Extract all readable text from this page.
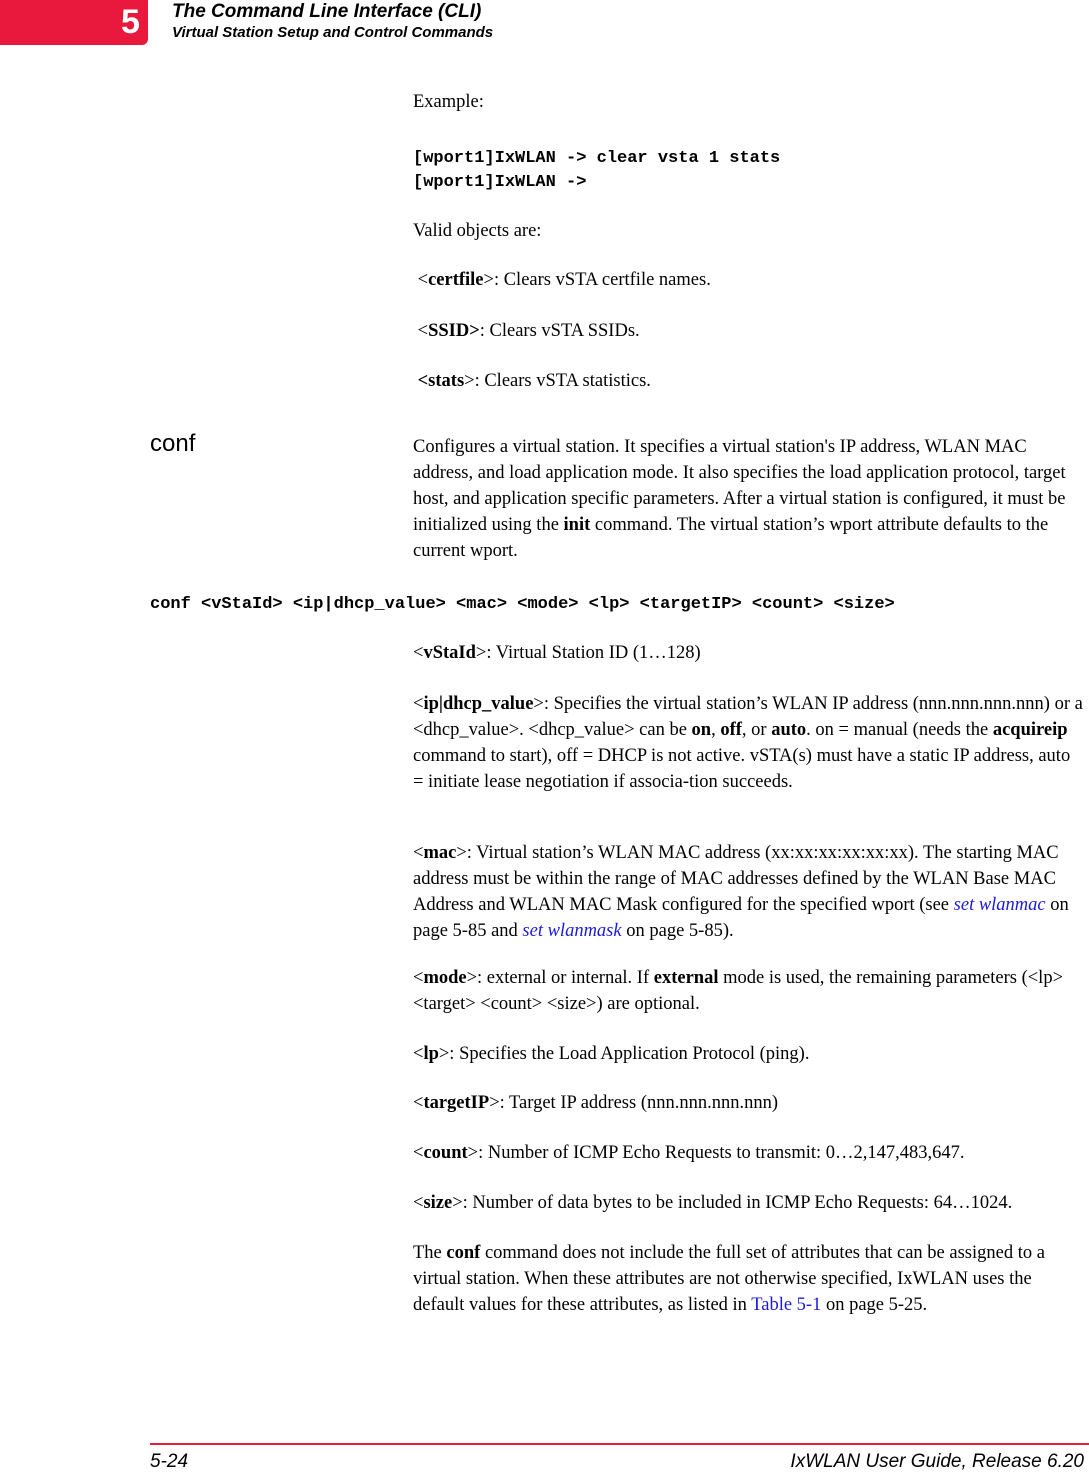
5 The Command Line Interface (CLI)
Virtual Station Setup and Control Commands
Example:
[wport1]IxWLAN -> clear vsta 1 stats
[wport1]IxWLAN ->
Valid objects are:
<certfile>: Clears vSTA certfile names.
<SSID>: Clears vSTA SSIDs.
<stats>: Clears vSTA statistics.
conf	Configures a virtual station. It specifies a virtual station's IP address, WLAN MAC address, and load application mode. It also specifies the load application protocol, target host, and application specific parameters. After a virtual station is configured, it must be initialized using the init command. The virtual station’s wport attribute defaults to the current wport.
conf <vStaId> <ip|dhcp_value> <mac> <mode> <lp> <targetIP> <count> <size>
<vStaId>: Virtual Station ID (1…128)
<ip|dhcp_value>: Specifies the virtual station’s WLAN IP address (nnn.nnn.nnn.nnn) or a <dhcp_value>. <dhcp_value> can be on, off, or auto. on = manual (needs the acquireip command to start), off = DHCP is not active. vSTA(s) must have a static IP address, auto = initiate lease negotiation if associa-tion succeeds.
<mac>: Virtual station’s WLAN MAC address (xx:xx:xx:xx:xx:xx). The starting MAC address must be within the range of MAC addresses defined by the WLAN Base MAC Address and WLAN MAC Mask configured for the specified wport (see set wlanmac on page 5-85 and set wlanmask on page 5-85).
<mode>: external or internal. If external mode is used, the remaining parameters (<lp> <target> <count> <size>) are optional.
<lp>: Specifies the Load Application Protocol (ping).
<targetIP>: Target IP address (nnn.nnn.nnn.nnn)
<count>: Number of ICMP Echo Requests to transmit: 0…2,147,483,647.
<size>: Number of data bytes to be included in ICMP Echo Requests: 64…1024.
The conf command does not include the full set of attributes that can be assigned to a virtual station. When these attributes are not otherwise specified, IxWLAN uses the default values for these attributes, as listed in Table 5-1 on page 5-25.
5-24	IxWLAN User Guide, Release 6.20
